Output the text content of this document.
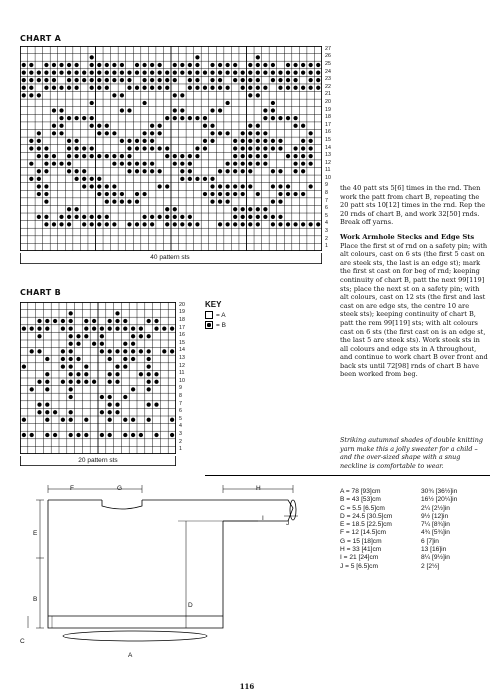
CHART A
27
26
25
24
23
22
21
20
19
18
17
16
15
14
13
12
11
10
9
8
7
6
5
4
3
2
1
40 pattern sts

the 40 patt sts 5[6] times in the rnd. Then work the patt from chart B, repeating the 20 patt sts 10[12] times in the rnd. Rep the 20 rnds of chart B, and work 32[50] rnds. Break off yarns.

Work Armhole Stecks and Edge Sts

Place the first st of rnd on a safety pin; with alt colours, cast on 6 sts (the first 5 cast on are steek sts, the last is an edge st); mark the first st cast on for beg of rnd; keeping continuity of chart B, patt the next 99[119] sts; place the next st on a safety pin; with alt colours, cast on 12 sts (the first and last cast on are edge sts, the centre 10 are steek sts); keeping continuity of chart B, patt the rem 99[119] sts; with alt colours cast on 6 sts (the first cast on is an edge st, the last 5 are steek sts). Work steek sts in all colours and edge sts in A throughout, and continue to work chart B over front and back sts until 72[98] rnds of chart B have been worked from beg.

CHART B
20
19
18
17
16
15
14
13
12
11
10
9
8
7
6
5
4
3
2
1
20 pattern sts
KEY
= A
= B
Striking autumnal shades of double knitting yarn make this a jolly sweater for a child – and the over-sized shape with a snug neckline is comfortable to wear.
F	G	H
E
B
C
D
I
J
A
A = 78 [93]cm
B = 43 [53]cm
C = 5.5 [6.5]cm
D = 24.5 [30.5]cm
E = 18.5 [22.5]cm
F = 12 [14.5]cm
G = 15 [18]cm
H = 33 [41]cm
I = 21 [24]cm
J = 5 [6.5]cm
30¾ [36½]in
16½ [20¼]in
2¼ [2½]in
9½ [12]in
7¼ [8¾]in
4¾ [5¾]in
6 [7]in
13 [16]in
8¼ [9½]in
2 [2½]
116
